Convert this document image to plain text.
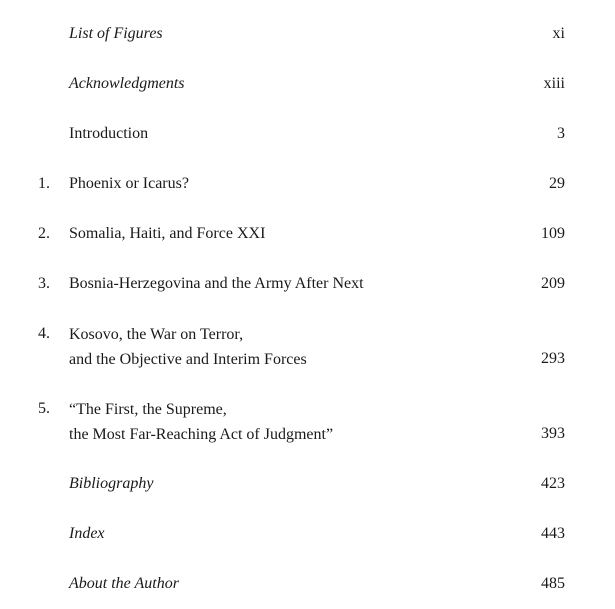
List of Figures	xi
Acknowledgments	xiii
Introduction	3
1. Phoenix or Icarus?	29
2. Somalia, Haiti, and Force XXI	109
3. Bosnia-Herzegovina and the Army After Next	209
4. Kosovo, the War on Terror,
and the Objective and Interim Forces	293
5. “The First, the Supreme,
the Most Far-Reaching Act of Judgment”	393
Bibliography	423
Index	443
About the Author	485
